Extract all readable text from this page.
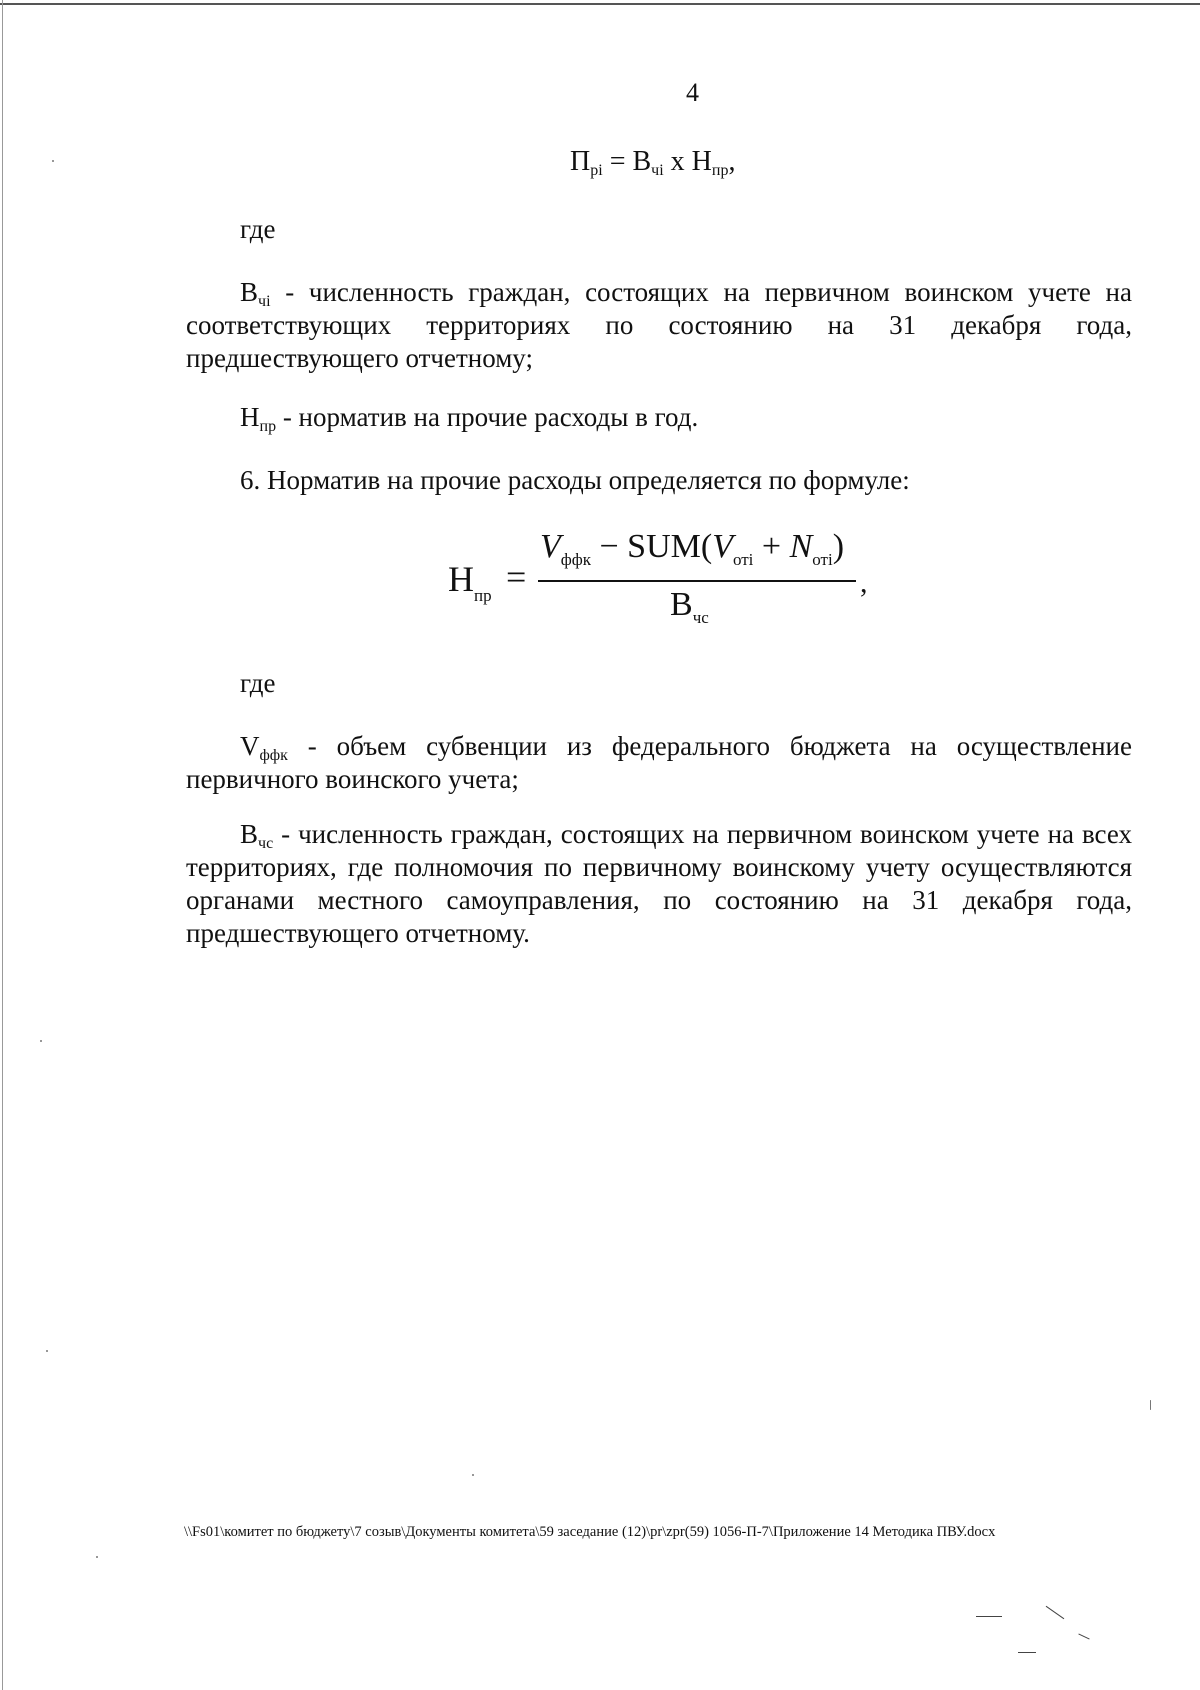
4
$П_{рi} = В_{чi}$ x $Н_{пр}$,
где
$В_{чi}$ - численность граждан, состоящих на первичном воинском учете на соответствующих территориях по состоянию на 31 декабря года, предшествующего отчетному;
$Н_{пр}$ - норматив на прочие расходы в год.
6. Норматив на прочие расходы определяется по формуле:
$Н_{пр}$ =
$V_{ффк} - SUM(V_{отi} + N_{отi})$
$В_{чс}$
,
где
$V_{ффк}$ - объем субвенции из федерального бюджета на осуществление первичного воинского учета;
$В_{чс}$ - численность граждан, состоящих на первичном воинском учете на всех территориях, где полномочия по первичному воинскому учету осуществляются органами местного самоуправления, по состоянию на 31 декабря года, предшествующего отчетному.
\\Fs01\комитет по бюджету\7 созыв\Документы комитета\59 заседание (12)\pr\zpr(59) 1056-П-7\Приложение 14 Методика ПВУ.docx
